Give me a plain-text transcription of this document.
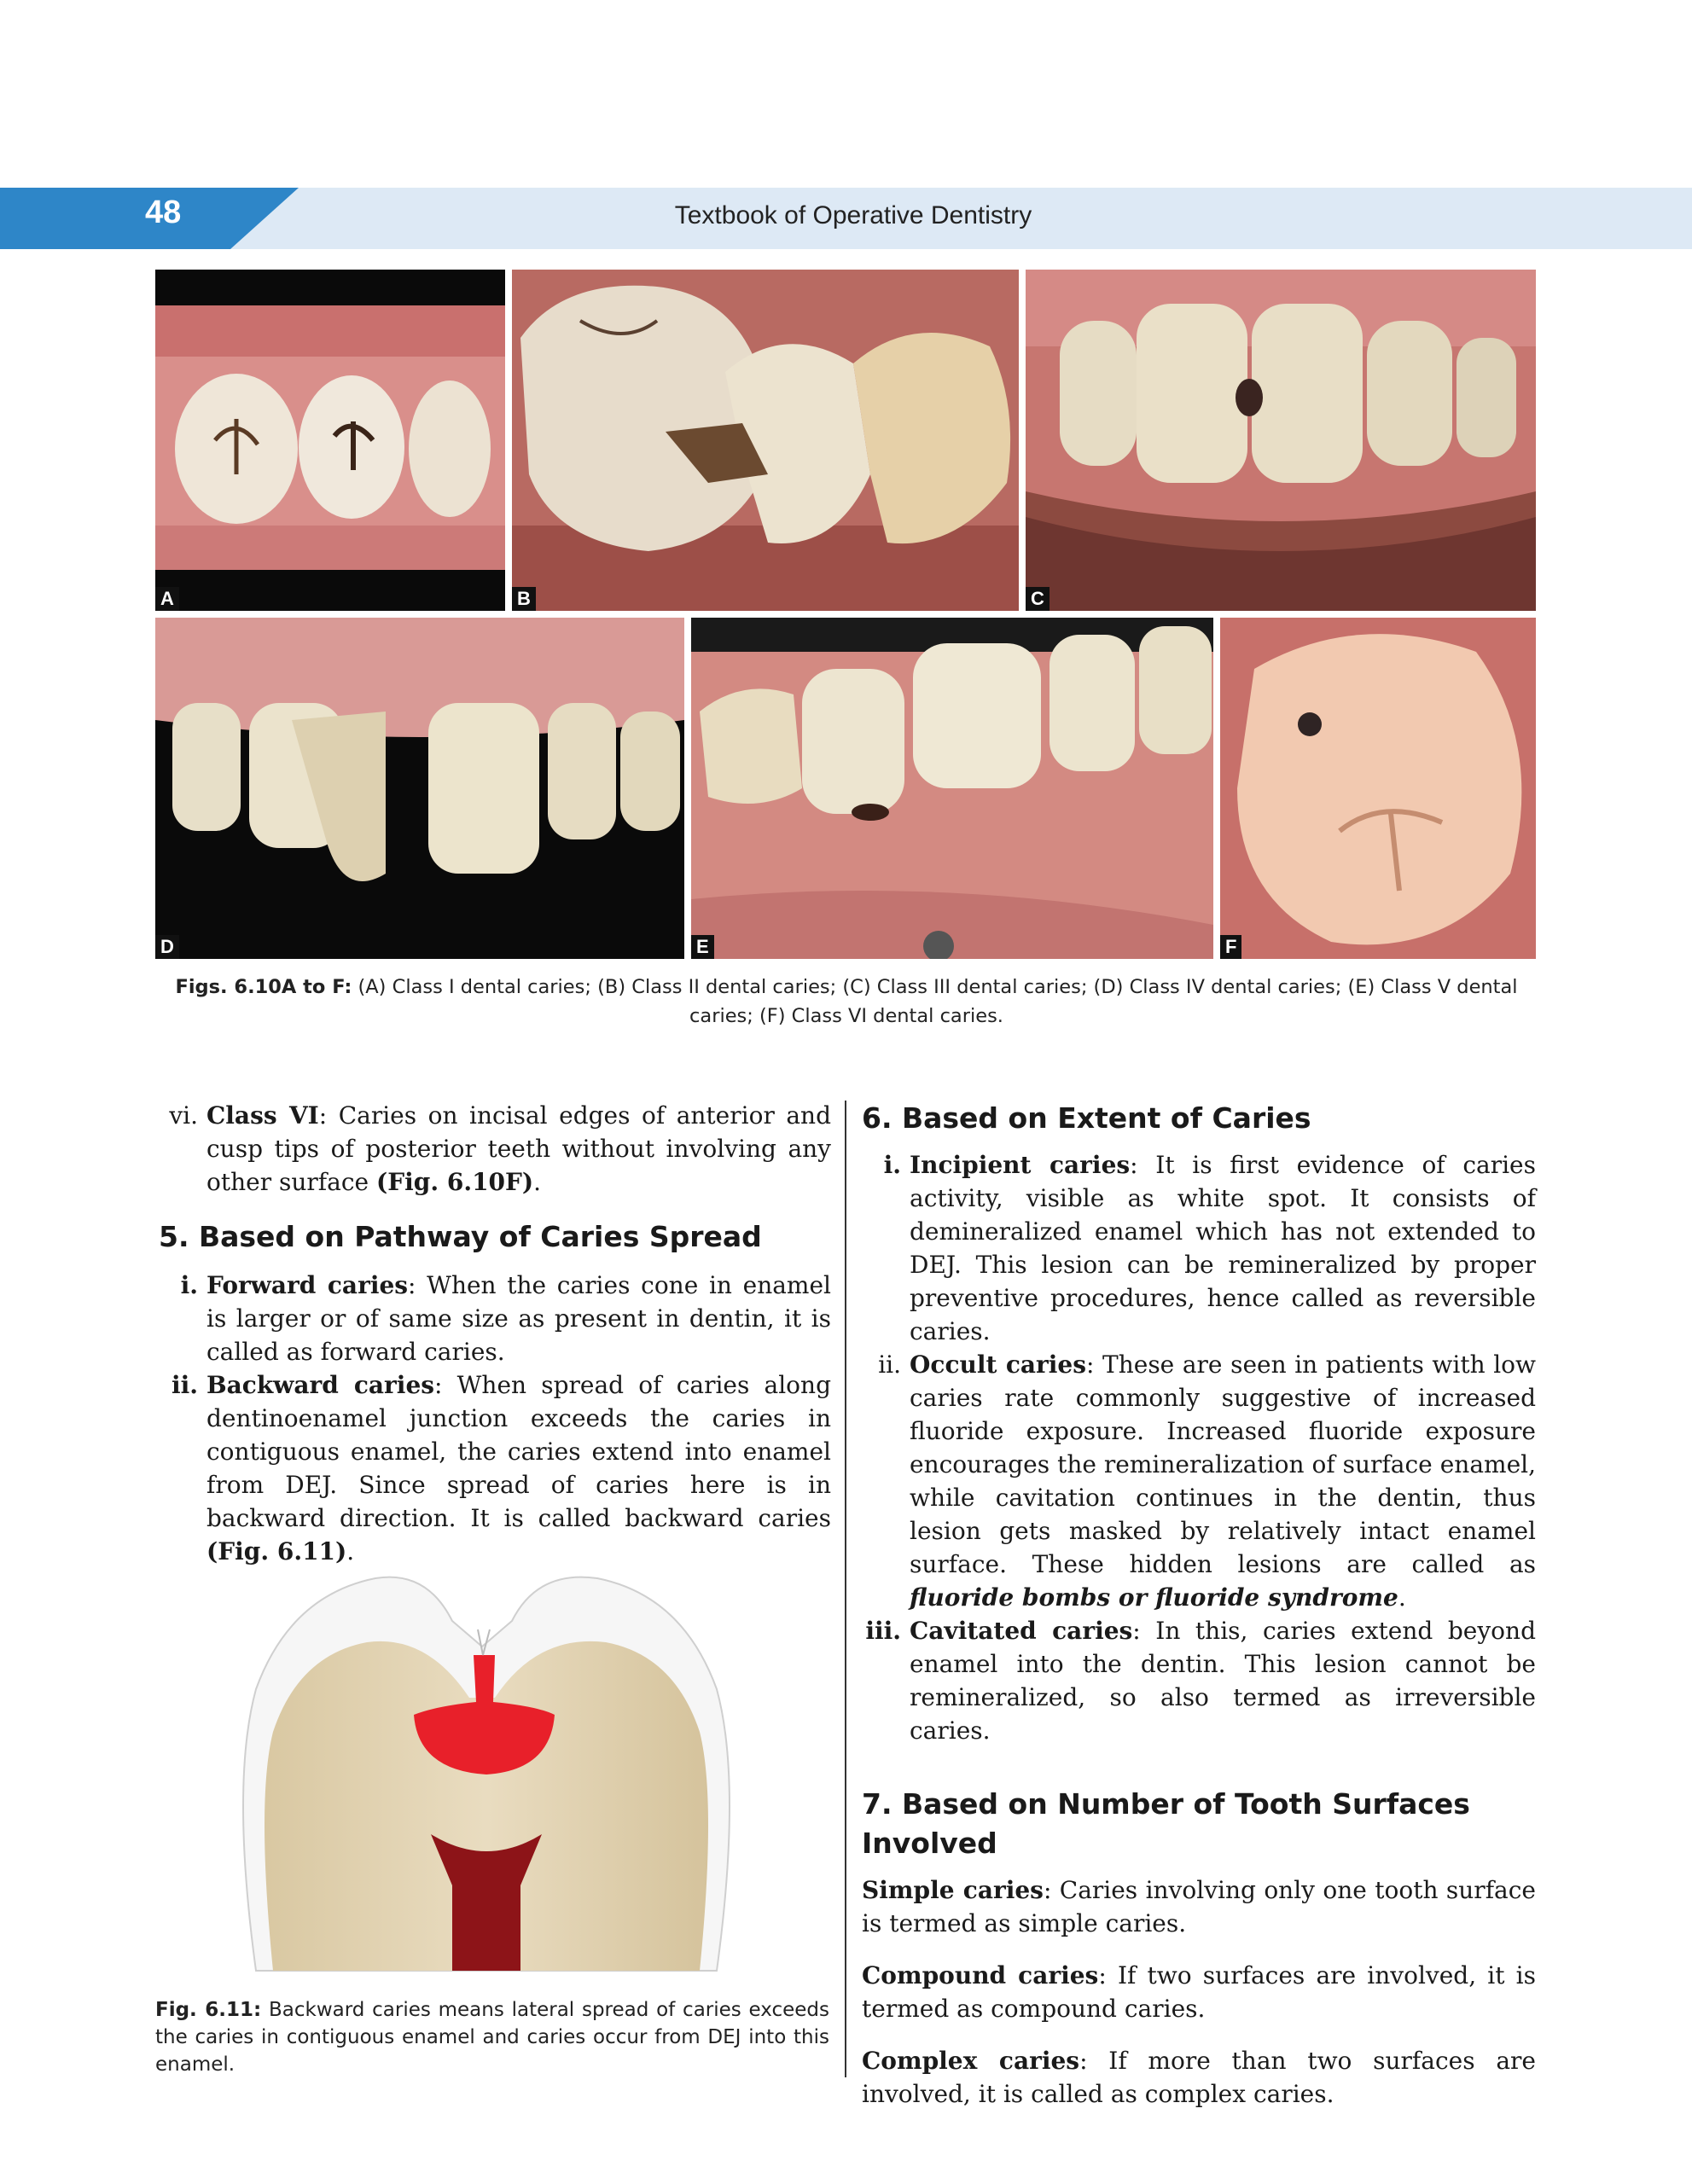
48	Textbook of Operative Dentistry
A	B	C
D	E	F
Figs. 6.10A to F: (A) Class I dental caries; (B) Class II dental caries; (C) Class III dental caries; (D) Class IV dental caries; (E) Class V dental caries; (F) Class VI dental caries.

vi. Class VI: Caries on incisal edges of anterior and cusp tips of posterior teeth without involving any other surface (Fig. 6.10F).

5. Based on Pathway of Caries Spread

i. Forward caries: When the caries cone in enamel is larger or of same size as present in dentin, it is called as forward caries.

ii. Backward caries: When spread of caries along dentinoenamel junction exceeds the caries in contiguous enamel, the caries extend into enamel from DEJ. Since spread of caries here is in backward direction. It is called backward caries (Fig. 6.11).

Fig. 6.11: Backward caries means lateral spread of caries exceeds the caries in contiguous enamel and caries occur from DEJ into this enamel.
6. Based on Extent of Caries

i. Incipient caries: It is first evidence of caries activity, visible as white spot. It consists of demineralized enamel which has not extended to DEJ. This lesion can be remineralized by proper preventive procedures, hence called as reversible caries.

ii. Occult caries: These are seen in patients with low caries rate commonly suggestive of increased fluoride exposure. Increased fluoride exposure encourages the remineralization of surface enamel, while cavitation continues in the dentin, thus lesion gets masked by relatively intact enamel surface. These hidden lesions are called as fluoride bombs or fluoride syndrome.

iii. Cavitated caries: In this, caries extend beyond enamel into the dentin. This lesion cannot be remineralized, so also termed as irreversible caries.

7. Based on Number of Tooth Surfaces Involved

Simple caries: Caries involving only one tooth surface is termed as simple caries.

Compound caries: If two surfaces are involved, it is termed as compound caries.

Complex caries: If more than two surfaces are involved, it is called as complex caries.
